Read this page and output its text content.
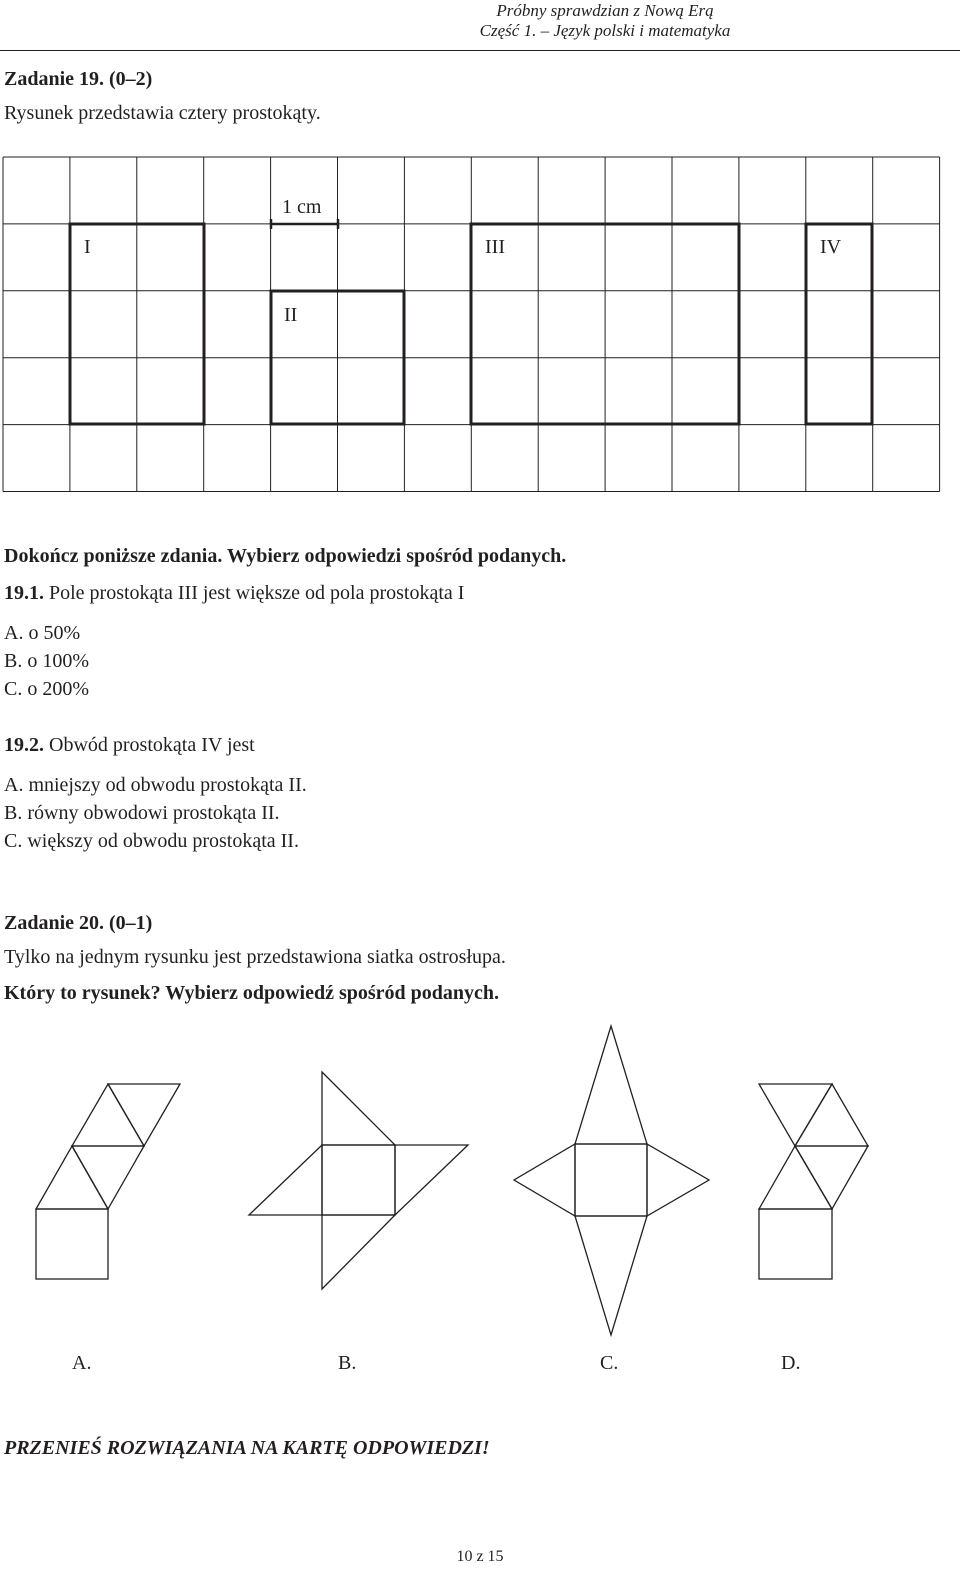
Próbny sprawdzian z Nową Erą
Część 1. – Język polski i matematyka
Zadanie 19. (0–2)
Rysunek przedstawia cztery prostokąty.
1 cm
I
II
III	IV
Dokończ poniższe zdania. Wybierz odpowiedzi spośród podanych.
19.1. Pole prostokąta III jest większe od pola prostokąta I
A. o 50%
B. o 100%
C. o 200%
19.2. Obwód prostokąta IV jest
A. mniejszy od obwodu prostokąta II.
B. równy obwodowi prostokąta II.
C. większy od obwodu prostokąta II.
Zadanie 20. (0–1)
Tylko na jednym rysunku jest przedstawiona siatka ostrosłupa.
Który to rysunek? Wybierz odpowiedź spośród podanych.
A.	B.	C.	D.
PRZENIEŚ ROZWIĄZANIA NA KARTĘ ODPOWIEDZI!
10 z 15
